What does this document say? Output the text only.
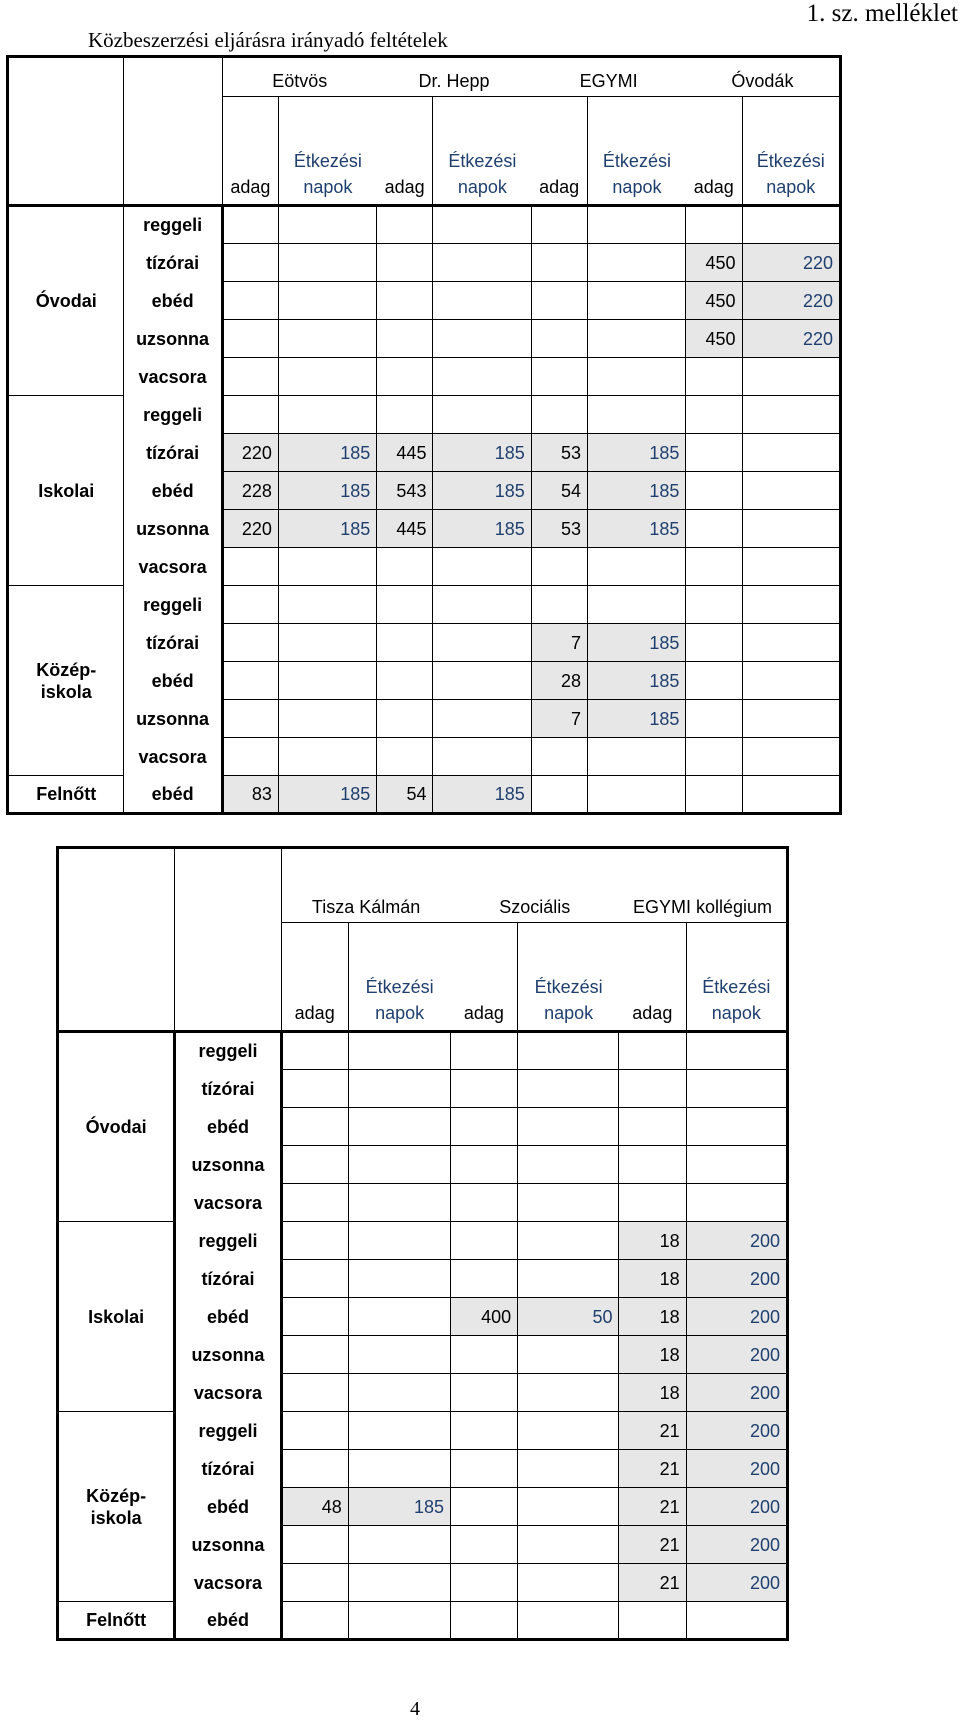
Közbeszerzési eljárásra irányadó feltételek
1. sz. melléklet
		Eötvös		Dr. Hepp		EGYMI		Óvodák	
		adag	Étkezési napok	adag	Étkezési napok	adag	Étkezési napok	adag	Étkezési napok
Óvodai	reggeli								
	tízórai							450	220
	ebéd							450	220
	uzsonna							450	220
	vacsora								
Iskolai	reggeli								
	tízórai	220	185	445	185	53	185		
	ebéd	228	185	543	185	54	185		
	uzsonna	220	185	445	185	53	185		
	vacsora								
Közép-
iskola	reggeli								
	tízórai					7	185		
	ebéd					28	185		
	uzsonna					7	185		
	vacsora								
Felnőtt	ebéd	83	185	54	185				
		Tisza Kálmán		Szociális		EGYMI kollégium	
		adag	Étkezési napok	adag	Étkezési napok	adag	Étkezési napok
Óvodai	reggeli						
	tízórai						
	ebéd						
	uzsonna						
	vacsora						
Iskolai	reggeli					18	200
	tízórai					18	200
	ebéd			400	50	18	200
	uzsonna					18	200
	vacsora					18	200
Közép-
iskola	reggeli					21	200
	tízórai					21	200
	ebéd	48	185			21	200
	uzsonna					21	200
	vacsora					21	200
Felnőtt	ebéd						
4
